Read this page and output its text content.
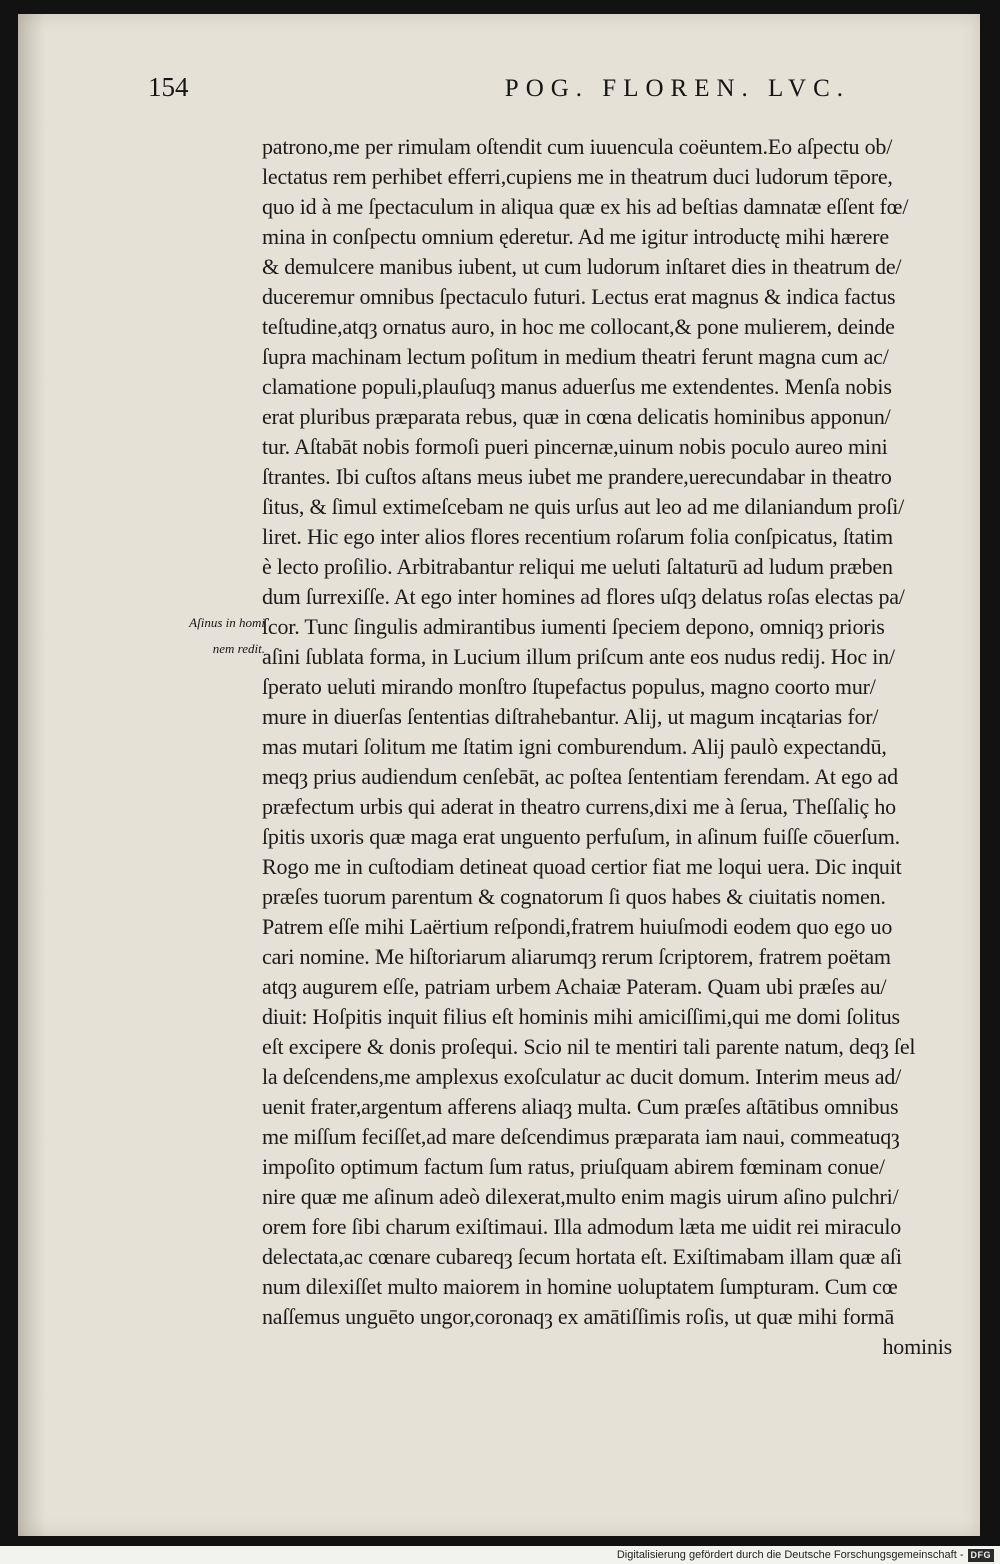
154	POG. FLOREN. LVC.
Aſinus in homi
nem redit.
patrono,me per rimulam oſtendit cum iuuencula coëuntem.Eo aſpectu ob/
lectatus rem perhibet efferri,cupiens me in theatrum duci ludorum tēpore,
quo id à me ſpectaculum in aliqua quæ ex his ad beſtias damnatæ eſſent fœ/
mina in conſpectu omnium ęderetur. Ad me igitur introductę mihi hærere
& demulcere manibus iubent, ut cum ludorum inſtaret dies in theatrum de/
duceremur omnibus ſpectaculo futuri. Lectus erat magnus & indica factus
teſtudine,atqȝ ornatus auro, in hoc me collocant,& pone mulierem, deinde
ſupra machinam lectum poſitum in medium theatri ferunt magna cum ac/
clamatione populi,plauſuqȝ manus aduerſus me extendentes. Menſa nobis
erat pluribus præparata rebus, quæ in cœna delicatis hominibus apponun/
tur. Aſtabāt nobis formoſi pueri pincernæ,uinum nobis poculo aureo mini
ſtrantes. Ibi cuſtos aſtans meus iubet me prandere,uerecundabar in theatro
ſitus, & ſimul extimeſcebam ne quis urſus aut leo ad me dilaniandum proſi/
liret. Hic ego inter alios flores recentium roſarum folia conſpicatus, ſtatim
è lecto proſilio. Arbitrabantur reliqui me ueluti ſaltaturū ad ludum præben
dum ſurrexiſſe. At ego inter homines ad flores uſqȝ delatus roſas electas pa/
ſcor. Tunc ſingulis admirantibus iumenti ſpeciem depono, omniqȝ prioris
aſini ſublata forma, in Lucium illum priſcum ante eos nudus redij. Hoc in/
ſperato ueluti mirando monſtro ſtupefactus populus, magno coorto mur/
mure in diuerſas ſententias diſtrahebantur. Alij, ut magum incątarias for/
mas mutari ſolitum me ſtatim igni comburendum. Alij paulò expectandū,
meqȝ prius audiendum cenſebāt, ac poſtea ſententiam ferendam. At ego ad
præfectum urbis qui aderat in theatro currens,dixi me à ſerua, Theſſaliç ho
ſpitis uxoris quæ maga erat unguento perfuſum, in aſinum fuiſſe cōuerſum.
Rogo me in cuſtodiam detineat quoad certior fiat me loqui uera. Dic inquit
præſes tuorum parentum & cognatorum ſi quos habes & ciuitatis nomen.
Patrem eſſe mihi Laërtium reſpondi,fratrem huiuſmodi eodem quo ego uo
cari nomine. Me hiſtoriarum aliarumqȝ rerum ſcriptorem, fratrem poëtam
atqȝ augurem eſſe, patriam urbem Achaiæ Pateram. Quam ubi præſes au/
diuit: Hoſpitis inquit filius eſt hominis mihi amiciſſimi,qui me domi ſolitus
eſt excipere & donis proſequi. Scio nil te mentiri tali parente natum, deqȝ ſel
la deſcendens,me amplexus exoſculatur ac ducit domum. Interim meus ad/
uenit frater,argentum afferens aliaqȝ multa. Cum præſes aſtātibus omnibus
me miſſum feciſſet,ad mare deſcendimus præparata iam naui, commeatuqȝ
impoſito optimum factum ſum ratus, priuſquam abirem fœminam conue/
nire quæ me aſinum adeò dilexerat,multo enim magis uirum aſino pulchri/
orem fore ſibi charum exiſtimaui. Illa admodum læta me uidit rei miraculo
delectata,ac cœnare cubareqȝ ſecum hortata eſt. Exiſtimabam illam quæ aſi
num dilexiſſet multo maiorem in homine uoluptatem ſumpturam. Cum cœ
naſſemus unguēto ungor,coronaqȝ ex amātiſſimis roſis, ut quæ mihi formā
hominis
Digitalisierung gefördert durch die Deutsche Forschungsgemeinschaft - DFG
